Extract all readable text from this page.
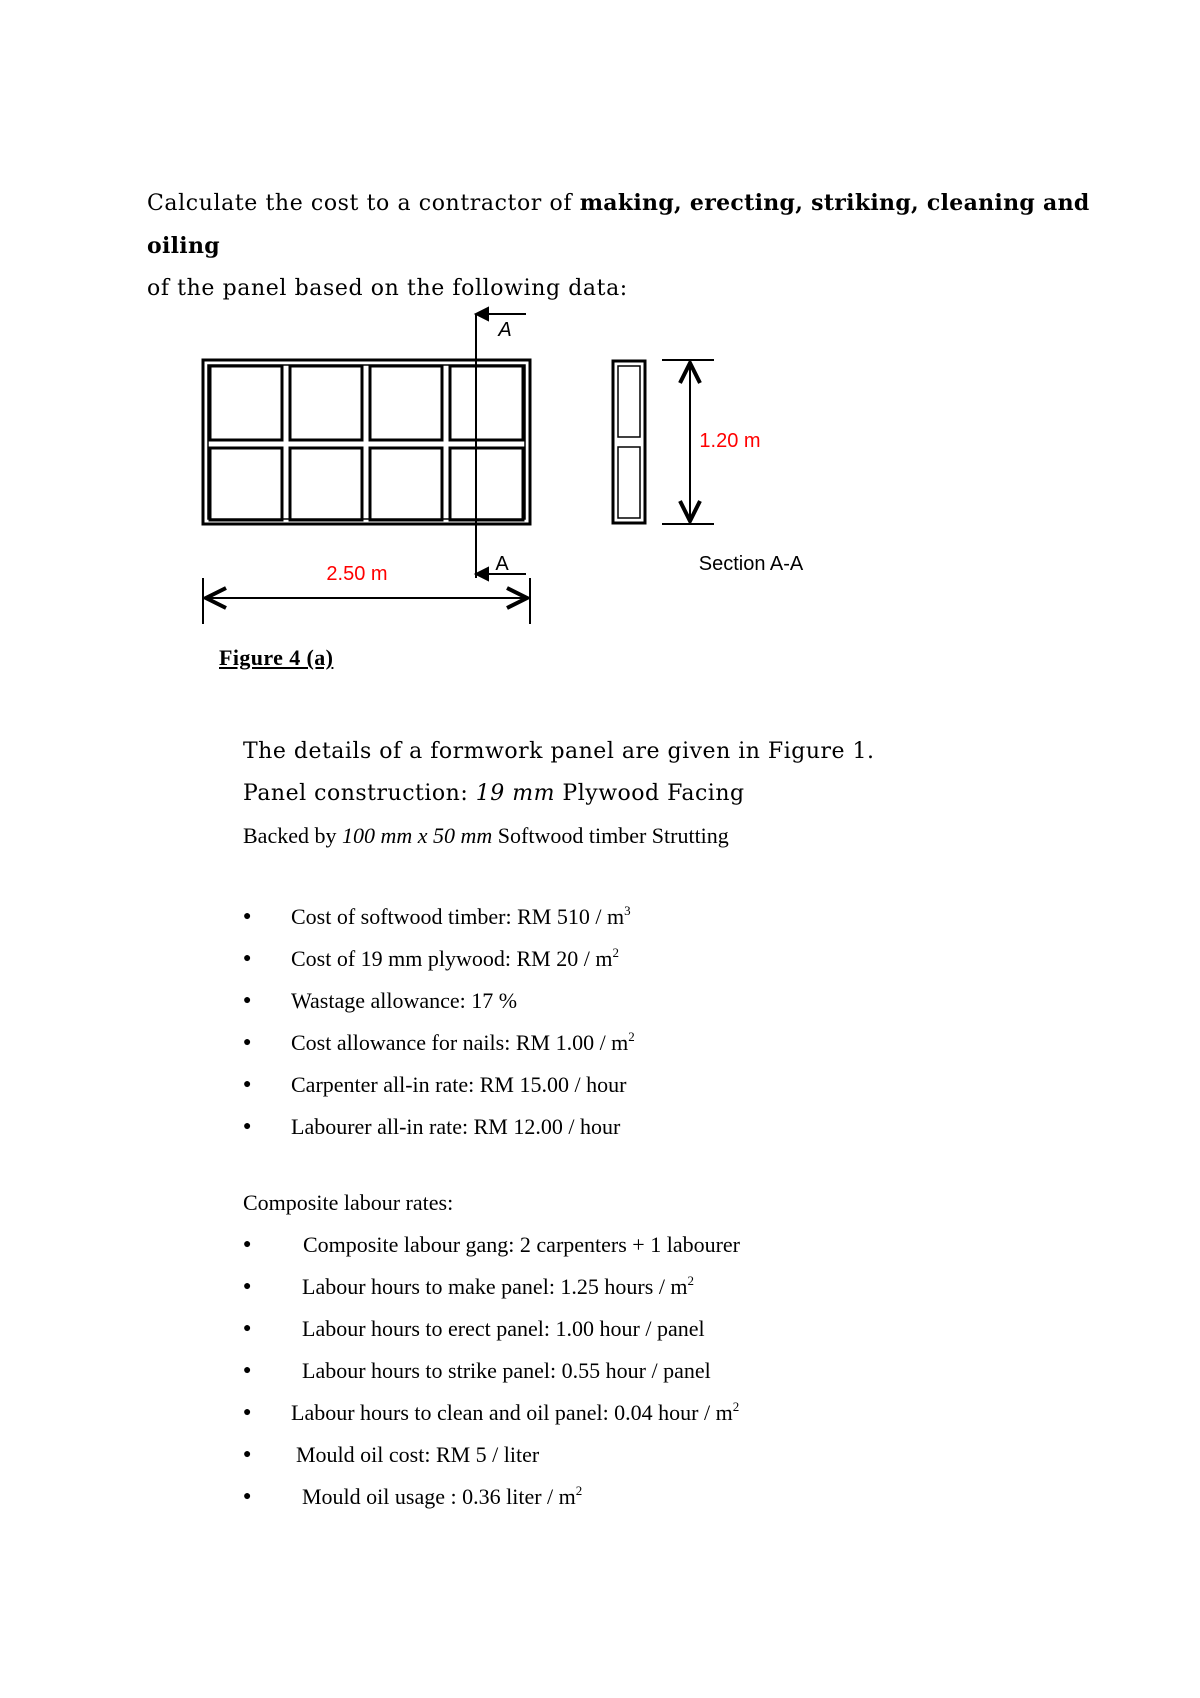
Calculate the cost to a contractor of making, erecting, striking, cleaning and oiling
of the panel based on the following data:
A
A
2.50 m
1.20 m
Section A-A
Figure 4 (a)
The details of a formwork panel are given in Figure 1.
Panel construction: 19 mm Plywood Facing
Backed by 100 mm x 50 mm Softwood timber Strutting
● Cost of softwood timber: RM $510 / m^3$
● Cost of 19 mm plywood: RM $20 / m^2$
● Wastage allowance: 17 %
● Cost allowance for nails: RM $1.00 / m^2$
● Carpenter all-in rate: RM 15.00 / hour
● Labourer all-in rate: RM 12.00 / hour
Composite labour rates:
● Composite labour gang: 2 carpenters + 1 labourer
● Labour hours to make panel: 1.25 hours / $m^2$
● Labour hours to erect panel: 1.00 hour / panel
● Labour hours to strike panel: 0.55 hour / panel
● Labour hours to clean and oil panel: 0.04 hour / $m^2$
● Mould oil cost: RM 5 / liter
● Mould oil usage : 0.36 liter / $m^2$
